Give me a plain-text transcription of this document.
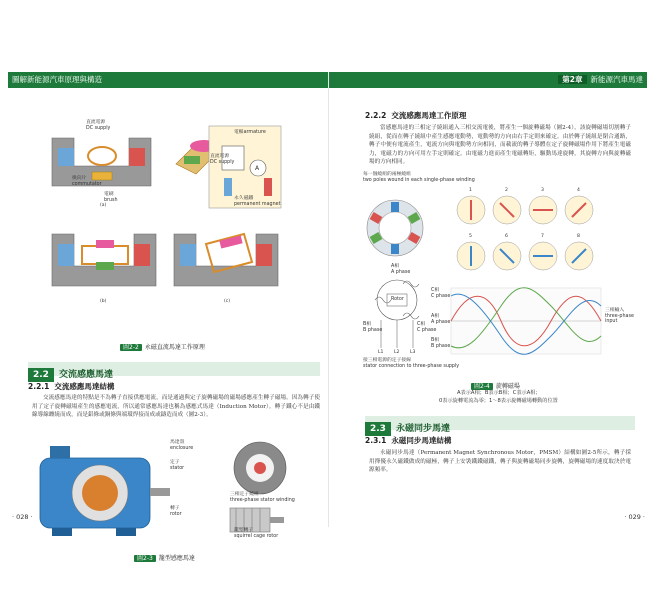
圖解新能源汽車原理與構造
(a)
A
(b)	(c)
直流電源
DC supply
換向片
commutator
電刷
brush
電樞armature
直流電源
DC supply
永久磁鐵
permanent magnet
圖2-2 永磁直流馬達工作原理
2.2 交流感應馬達
2.2.1 交流感應馬達結構
交流感應馬達的特點是不為轉子直接供應電流，而是通過與定子旋轉磁場的磁場感應產生轉子磁場。因為轉子使用了定子旋轉磁場產生的感應電流，所以通常感應馬達也稱為感應式馬達（Induction Motor）。轉子鐵心不是由鐵線導線纏繞而成，而是鋁條或銅條與端環焊接而成或鑄造而成（圖2-3）。
馬達殼
enclosure
定子
stator
轉子
rotor
三相定子繞組
three-phase stator winding
籠型轉子
squirrel cage rotor
圖2-3 籠型感應馬達
· 028 ·
第2章 新能源汽車馬達
2.2.2 交流感應馬達工作原理
當感應馬達的三相定子繞組通入三相交流電後，將產生一個旋轉磁場（圖2-4），該旋轉磁場切割轉子繞組，從而在轉子繞組中產生感應電動勢，電動勢的方向由右手定則來確定。由於轉子繞組是閉合通路，轉子中便有電流產生，電流方向與電動勢方向相同，而載流的轉子導體在定子旋轉磁場作用下將產生電磁力，電磁力的方向可用左手定則確定。由電磁力進而產生電磁轉矩，驅動馬達旋轉，其旋轉方向與旋轉磁場的方向相同。
每一個繞組的兩極繞組
two poles wound in each single-phase winding
A相
A phase
Rotor
B相
B phase
C相
C phase
L1 L2 L3
接三相電源的定子接線
stator connection to three-phase supply
C相
C phase
A相
A phase
B相
B phase
三相輸入
three-phase
input
1	2	3	4
5	6	7	8
圖2-4 旋轉磁場
A表示A相；B表示B相；C表示A相；
0表示旋轉電流為零；1～8表示旋轉磁場轉動的位置
2.3 永磁同步馬達
2.3.1 永磁同步馬達結構
永磁同步馬達（Permanent Magnet Synchronous Motor，PMSM）結構如圖2-5所示，轉子採用擇優永久磁鐵做成的磁極，轉子上安裝鐵鐵磁鐵，轉子與旋轉磁場同步旋轉，旋轉磁場的速度取決於電源頻率。
· 029 ·
